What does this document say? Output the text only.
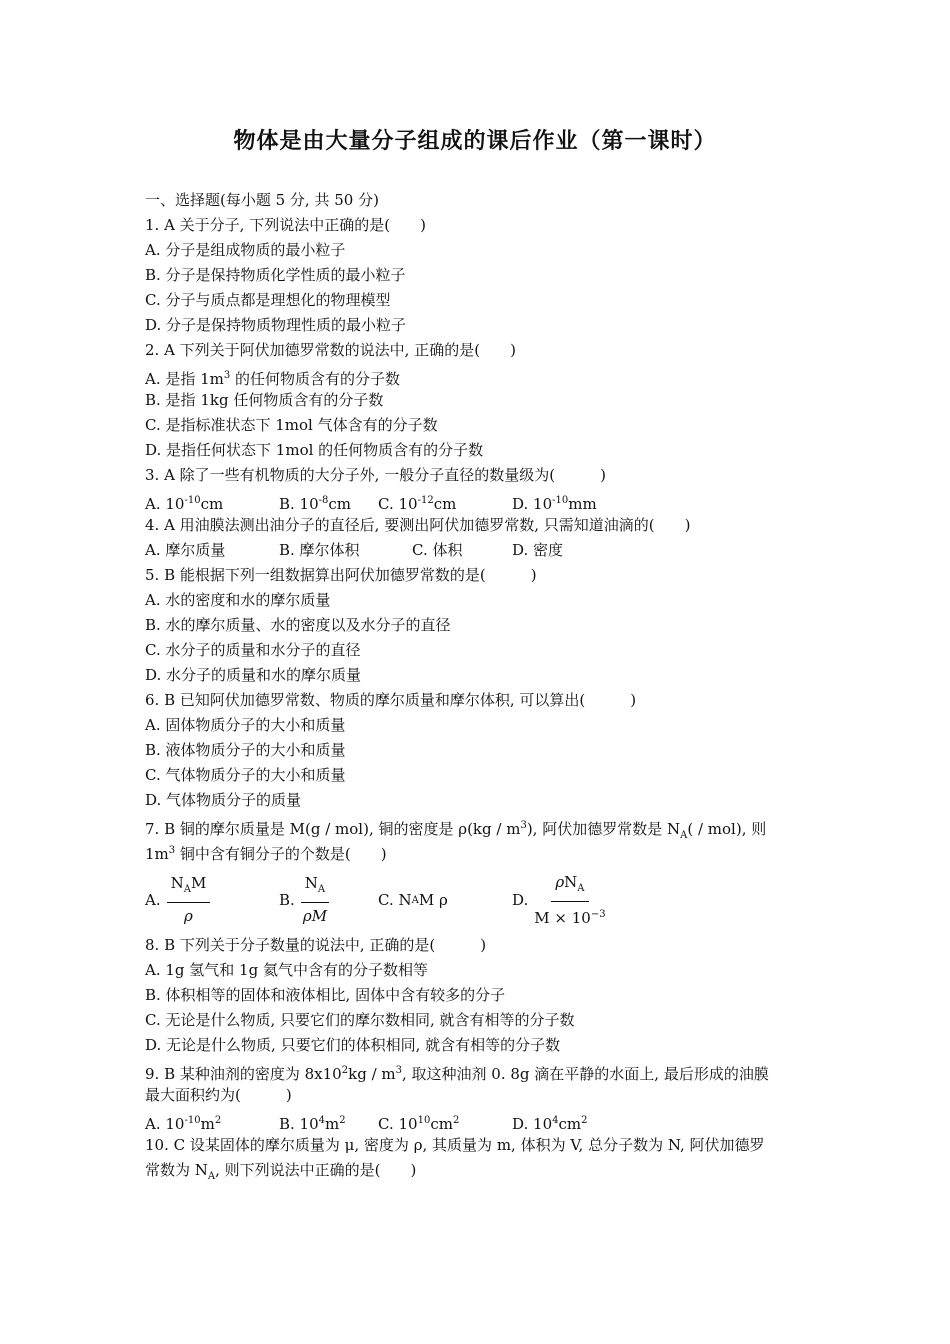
物体是由大量分子组成的课后作业（第一课时）
一、选择题(每小题 5 分, 共 50 分)
1. A 关于分子, 下列说法中正确的是(　　)
A. 分子是组成物质的最小粒子
B. 分子是保持物质化学性质的最小粒子
C. 分子与质点都是理想化的物理模型
D. 分子是保持物质物理性质的最小粒子
2. A 下列关于阿伏加德罗常数的说法中, 正确的是(　　)
A. 是指 $1m^3$ 的任何物质含有的分子数
B. 是指 1kg 任何物质含有的分子数
C. 是指标准状态下 1mol 气体含有的分子数
D. 是指任何状态下 1mol 的任何物质含有的分子数
3. A 除了一些有机物质的大分子外, 一般分子直径的数量级为(　　　)
A. $10^{-10}cm$	B. $10^{-8}cm$	C. $10^{-12}cm$	D. $10^{-10}mm$
4. A 用油膜法测出油分子的直径后, 要测出阿伏加德罗常数, 只需知道油滴的(　　)
A. 摩尔质量	B. 摩尔体积	C. 体积	D. 密度
5. B 能根据下列一组数据算出阿伏加德罗常数的是(　　　)
A. 水的密度和水的摩尔质量
B. 水的摩尔质量、水的密度以及水分子的直径
C. 水分子的质量和水分子的直径
D. 水分子的质量和水的摩尔质量
6. B 已知阿伏加德罗常数、物质的摩尔质量和摩尔体积, 可以算出(　　　)
A. 固体物质分子的大小和质量
B. 液体物质分子的大小和质量
C. 气体物质分子的大小和质量
D. 气体物质分子的质量
7. B 铜的摩尔质量是 M(g / mol), 铜的密度是 $\rho(kg / m^3)$, 阿伏加德罗常数是 $N_A( / mol)$, 则
$1m^3$ 铜中含有铜分子的个数是(　　)
A. $\frac{N_AM}{\rho}$	B. $\frac{N_A}{\rho M}$	C. N A M ρ	D. $\frac{\rho N_A}{M \times 10^{-3}}$
8. B 下列关于分子数量的说法中, 正确的是(　　　)
A. 1g 氢气和 1g 氦气中含有的分子数相等
B. 体积相等的固体和液体相比, 固体中含有较多的分子
C. 无论是什么物质, 只要它们的摩尔数相同, 就含有相等的分子数
D. 无论是什么物质, 只要它们的体积相同, 就含有相等的分子数
9. B 某种油剂的密度为 $8x10^2kg / m^3$, 取这种油剂 0. 8g 滴在平静的水面上, 最后形成的油膜
最大面积约为(　　　)
A. $10^{-10}m^2$	B. $10^4m^2$	C. $10^{10}cm^2$	D. $10^4cm^2$
10. C 设某固体的摩尔质量为 μ, 密度为 ρ, 其质量为 m, 体积为 V, 总分子数为 N, 阿伏加德罗
常数为 $N_A$, 则下列说法中正确的是(　　)
